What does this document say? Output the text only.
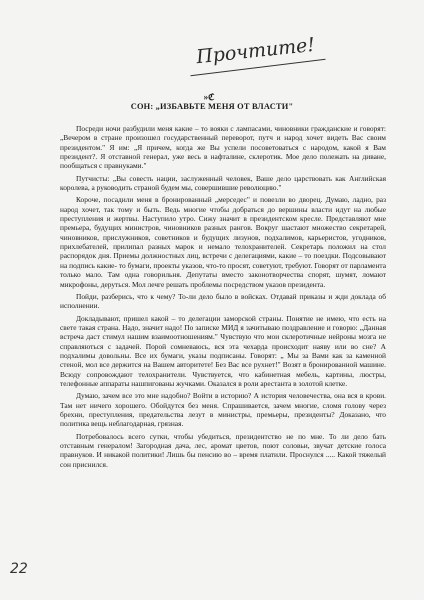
Прочтите!
»ℭ
СОН: „ИЗБАВЬТЕ МЕНЯ ОТ ВЛАСТИ"

Посреди ночи разбудили меня какие – то вояки с лампасами, чиновники гражданские и говорят: „Вечером в стране произошел государственный переворот, путч и народ хочет видеть Вас своим президентом." Я им: „Я причем, когда же Вы успели посоветоваться с народом, какой я Вам президент?. Я отставной генерал, уже весь в нафталине, склеротик. Мое дело полежать на диване, пообщаться с правнуками."

Путчисты: „Вы совесть нации, заслуженный человек, Ваше дело царствовать как Английская королева, а руководить страной будем мы, совершившие революцию."

Короче, посадили меня в бронированный „мерседес" и повезли во дворец. Думаю, ладно, раз народ хочет, так тому и быть. Ведь многие чтобы добраться до вершины власти идут на любые преступления и жертвы. Наступило утро. Сижу значит в президентском кресле. Представляют мне премьера, будущих министров, чиновников разных рангов. Вокруг шастают множество секретарей, чиновников, прислужников, советников и будущих лизунов, подхалимов, карьеристов, угодников, прихлебателей, прилипал разных марок и немало телохранителей. Секретарь положил на стол распорядок дня. Приемы должностных лиц, встречи с делегациями, какие – то поездки. Подсовывают на подпись какие- то бумаги, проекты указов, что-то просят, советуют, требуют. Говорят от парламента только мало. Там одна говорильня. Депутаты вместо законотворчества спорят, шумят, ломают микрофоны, деруться. Мол лечге решать проблемы посредством указов президента.

Пойди, разберись, что к чему? То-ли дело было в войсках. Отдавай приказы и жди доклада об исполнении.

Докладывают, пришел какой – то делегации заморской страны. Понятие не имею, что есть на свете такая страна. Надо, значит надо! По записке МИД я зачитываю поздравление и говорю: „Данная встреча даст стимул нашим взаимоотношениям." Чувствую что мои склеротичные нейроны мозга не справляються с задачей. Порой сомневаюсь, вся эта чехарда происходит наяву или во сне? А подхалимы довольны. Все их бумаги, указы подписаны. Говорят: „ Мы за Вами как за каменной стеной, мол все держится на Вашем авторитете! Без Вас все рухнет!" Возят в бронированной машине. Всюду сопровождают телохранители. Чувствуется, что кабинетная мебель, картины, люстры, телефонные аппараты нашпигованы жучками. Оказался в роли арестанта в золотой клетке.

Думаю, зачем все это мне надобно? Войти в историю? А история человечества, она вся в крови. Там нет ничего хорошего. Обойдутся без меня. Спрашивается, зачем многие, сломя голову через брехни, преступления, предательства лезут в министры, премьеры, президенты? Доказано, что политика вещь неблагодарная, грязная.

Потребовалось всего сутки, чтобы убедиться, президентство не по мне. То ли дело бать отставным генералом! Загородная дача, лес, аромат цветов, поют соловьи, звучат детские голоса правнуков. И никакой политики! Лишь бы пенсию во – время платили. Проснулся ..... Какой тяжелый сон приснился.

22
